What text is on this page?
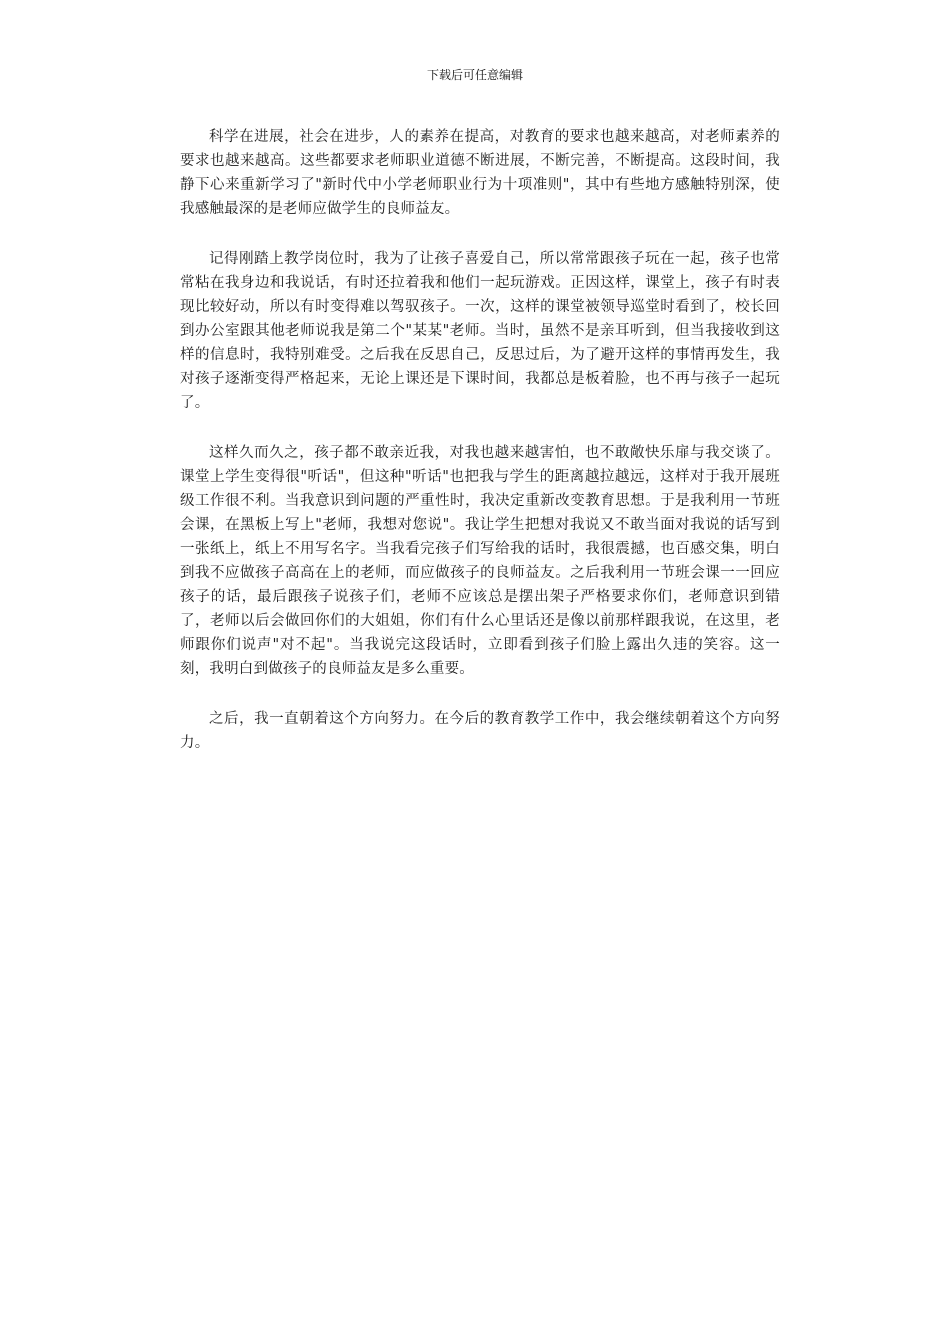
下载后可任意编辑

科学在进展，社会在进步，人的素养在提高，对教育的要求也越来越高，对老师素养的要求也越来越高。这些都要求老师职业道德不断进展，不断完善，不断提高。这段时间，我静下心来重新学习了"新时代中小学老师职业行为十项准则"，其中有些地方感触特别深，使我感触最深的是老师应做学生的良师益友。

记得刚踏上教学岗位时，我为了让孩子喜爱自己，所以常常跟孩子玩在一起，孩子也常常粘在我身边和我说话，有时还拉着我和他们一起玩游戏。正因这样，课堂上，孩子有时表现比较好动，所以有时变得难以驾驭孩子。一次，这样的课堂被领导巡堂时看到了，校长回到办公室跟其他老师说我是第二个"某某"老师。当时，虽然不是亲耳听到，但当我接收到这样的信息时，我特别难受。之后我在反思自己，反思过后，为了避开这样的事情再发生，我对孩子逐渐变得严格起来，无论上课还是下课时间，我都总是板着脸，也不再与孩子一起玩了。

这样久而久之，孩子都不敢亲近我，对我也越来越害怕，也不敢敞快乐扉与我交谈了。课堂上学生变得很"听话"，但这种"听话"也把我与学生的距离越拉越远，这样对于我开展班级工作很不利。当我意识到问题的严重性时，我决定重新改变教育思想。于是我利用一节班会课，在黑板上写上"老师，我想对您说"。我让学生把想对我说又不敢当面对我说的话写到一张纸上，纸上不用写名字。当我看完孩子们写给我的话时，我很震撼，也百感交集，明白到我不应做孩子高高在上的老师，而应做孩子的良师益友。之后我利用一节班会课一一回应孩子的话，最后跟孩子说孩子们，老师不应该总是摆出架子严格要求你们，老师意识到错了，老师以后会做回你们的大姐姐，你们有什么心里话还是像以前那样跟我说，在这里，老师跟你们说声"对不起"。当我说完这段话时，立即看到孩子们脸上露出久违的笑容。这一刻，我明白到做孩子的良师益友是多么重要。

之后，我一直朝着这个方向努力。在今后的教育教学工作中，我会继续朝着这个方向努力。
